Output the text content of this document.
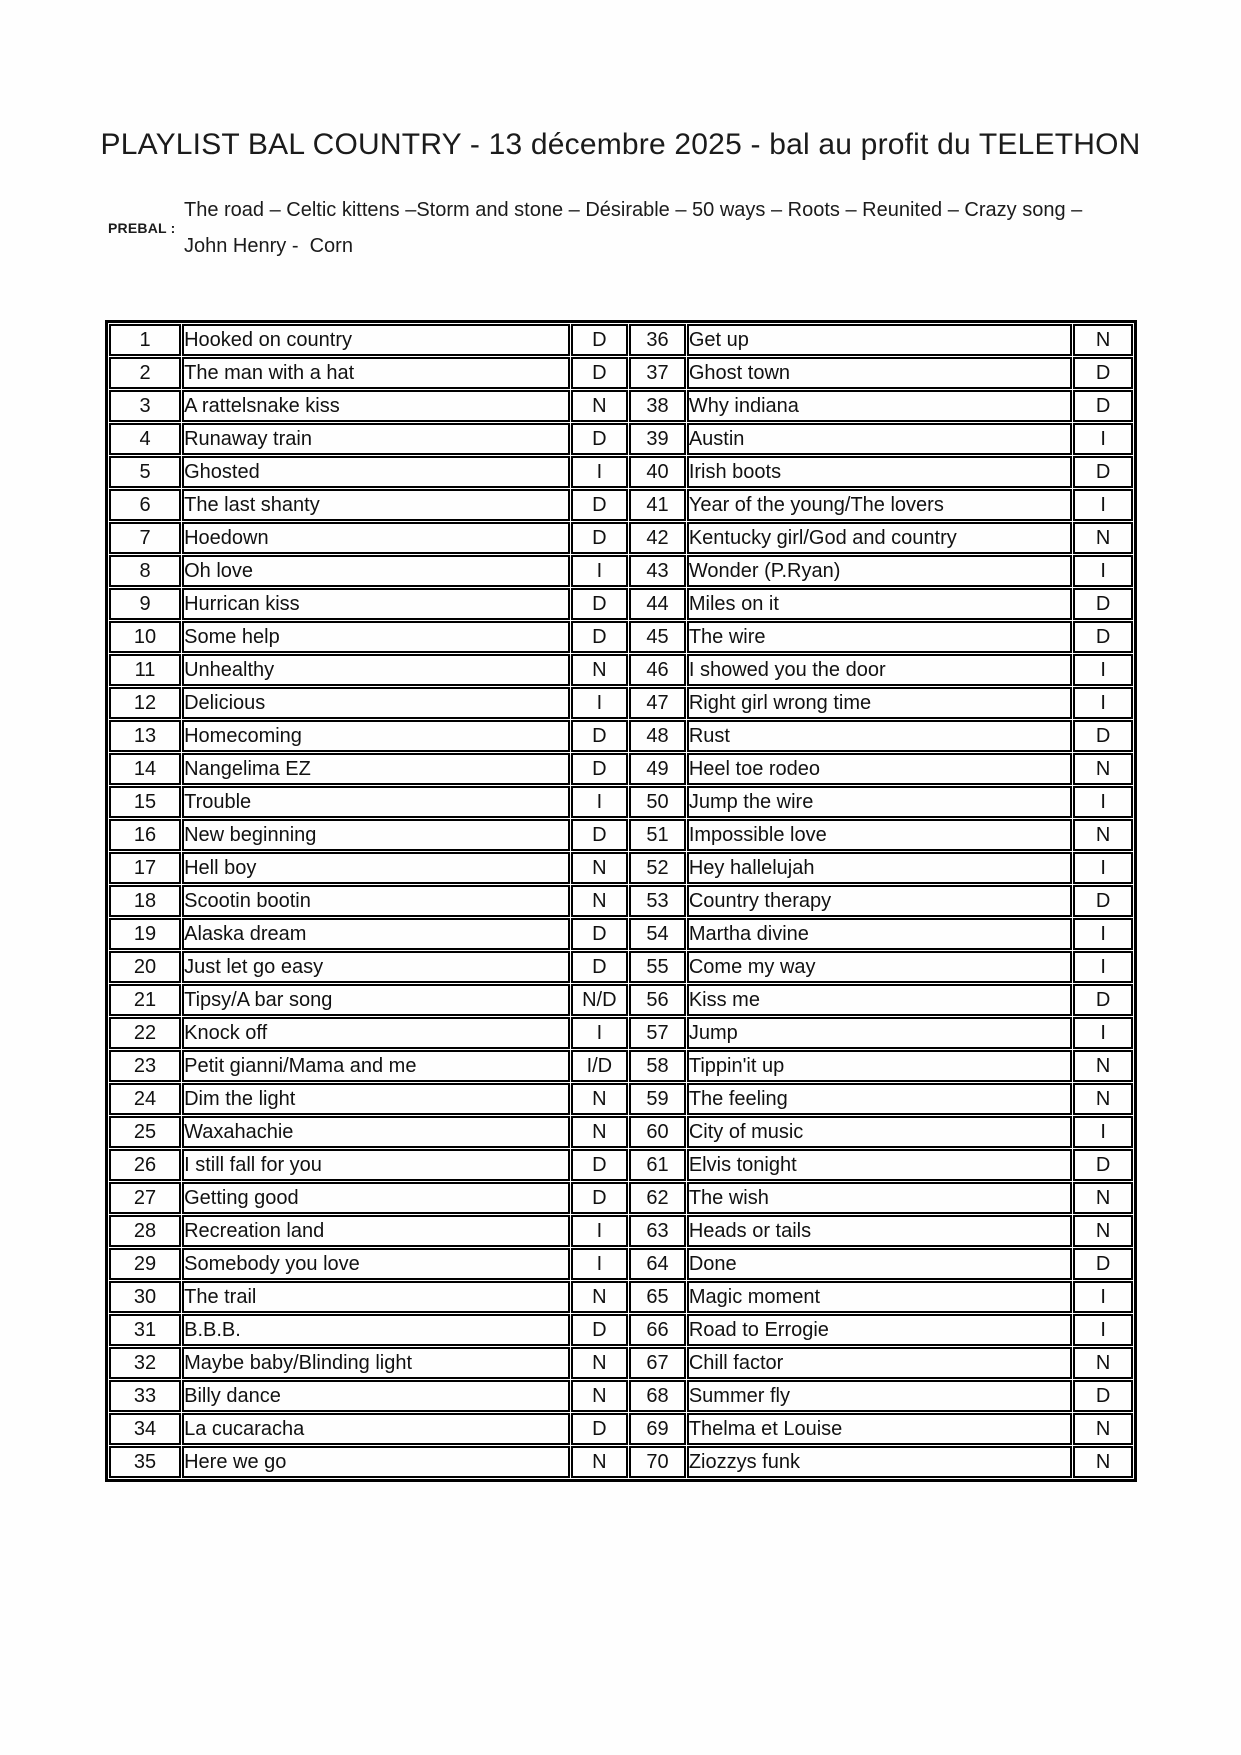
PLAYLIST BAL COUNTRY - 13 décembre 2025 - bal au profit du TELETHON
PREBAL :

The road – Celtic kittens –Storm and stone – Désirable – 50 ways – Roots – Reunited – Crazy song – John Henry -  Corn

1	Hooked on country	D	36	Get up	N
2	The man with a hat	D	37	Ghost town	D
3	A rattelsnake kiss	N	38	Why indiana	D
4	Runaway train	D	39	Austin	I
5	Ghosted	I	40	Irish boots	D
6	The last shanty	D	41	Year of the young/The lovers	I
7	Hoedown	D	42	Kentucky girl/God and country	N
8	Oh love	I	43	Wonder (P.Ryan)	I
9	Hurrican kiss	D	44	Miles on it	D
10	Some help	D	45	The wire	D
11	Unhealthy	N	46	I showed you the door	I
12	Delicious	I	47	Right girl wrong time	I
13	Homecoming	D	48	Rust	D
14	Nangelima EZ	D	49	Heel toe rodeo	N
15	Trouble	I	50	Jump the wire	I
16	New beginning	D	51	Impossible love	N
17	Hell boy	N	52	Hey hallelujah	I
18	Scootin bootin	N	53	Country therapy	D
19	Alaska dream	D	54	Martha divine	I
20	Just let go easy	D	55	Come my way	I
21	Tipsy/A bar song	N/D	56	Kiss me	D
22	Knock off	I	57	Jump	I
23	Petit gianni/Mama and me	I/D	58	Tippin'it up	N
24	Dim the light	N	59	The feeling	N
25	Waxahachie	N	60	City of music	I
26	I still fall for you	D	61	Elvis tonight	D
27	Getting good	D	62	The wish	N
28	Recreation land	I	63	Heads or tails	N
29	Somebody you love	I	64	Done	D
30	The trail	N	65	Magic moment	I
31	B.B.B.	D	66	Road to Errogie	I
32	Maybe baby/Blinding light	N	67	Chill factor	N
33	Billy dance	N	68	Summer fly	D
34	La cucaracha	D	69	Thelma et Louise	N
35	Here we go	N	70	Ziozzys funk	N
